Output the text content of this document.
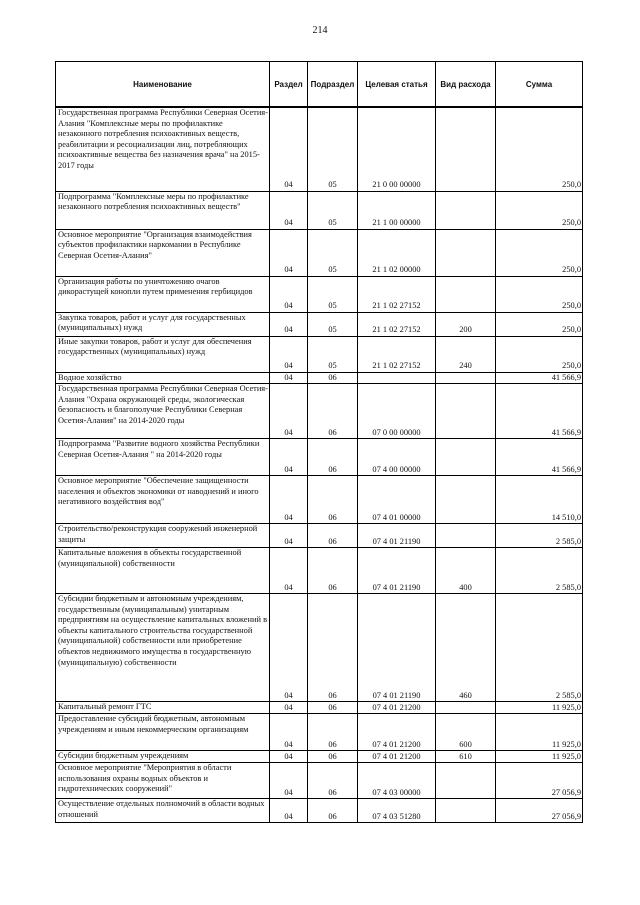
214
Наименование	Раздел	Подраздел	Целевая статья	Вид расхода	Сумма
Государственная программа Республики Северная Осетия-Алания "Комплексные меры по профилактике незаконного потребления психоактивных веществ, реабилитации и ресоциализации лиц, потребляющих психоактивные вещества без назначения врача" на 2015-2017 годы	04	05	21 0 00 00000		250,0
Подпрограмма "Комплексные меры по профилактике незаконного потребления психоактивных веществ"	04	05	21 1 00 00000		250,0
Основное мероприятие "Организация взаимодействия субъектов профилактики наркомании в Республике Северная Осетия-Алания"	04	05	21 1 02 00000		250,0
Организация работы по уничтожению очагов дикорастущей конопли путем применения гербицидов	04	05	21 1 02 27152		250,0
Закупка товаров, работ и услуг для государственных (муниципальных) нужд	04	05	21 1 02 27152	200	250,0
Иные закупки товаров, работ и услуг для обеспечения государственных (муниципальных) нужд	04	05	21 1 02 27152	240	250,0
Водное хозяйство	04	06			41 566,9
Государственная программа Республики Северная Осетия-Алания "Охрана окружающей среды, экологическая безопасность и благополучие Республики Северная Осетия-Алания" на 2014-2020 годы	04	06	07 0 00 00000		41 566,9
Подпрограмма "Развитие водного хозяйства Республики Северная Осетия-Алания " на 2014-2020 годы	04	06	07 4 00 00000		41 566,9
Основное мероприятие "Обеспечение защищенности населения и объектов экономики от наводнений и иного негативного воздействия вод"	04	06	07 4 01 00000		14 510,0
Строительство/реконструкция сооружений инженерной защиты	04	06	07 4 01 21190		2 585,0
Капитальные вложения в объекты государственной (муниципальной) собственности	04	06	07 4 01 21190	400	2 585,0
Субсидии бюджетным и автономным учреждениям, государственным (муниципальным) унитарным предприятиям на осуществление капитальных вложений в объекты капитального строительства государственной (муниципальной) собственности или приобретение объектов недвижимого имущества в государственную (муниципальную) собственности	04	06	07 4 01 21190	460	2 585,0
Капитальный ремонт ГТС	04	06	07 4 01 21200		11 925,0
Предоставление субсидий бюджетным, автономным учреждениям и иным некоммерческим организациям	04	06	07 4 01 21200	600	11 925,0
Субсидии бюджетным учреждениям	04	06	07 4 01 21200	610	11 925,0
Основное мероприятие "Мероприятия в области использования охраны водных объектов и гидротехнических сооружений"	04	06	07 4 03 00000		27 056,9
Осуществление отдельных полномочий в области водных отношений	04	06	07 4 03 51280		27 056,9
